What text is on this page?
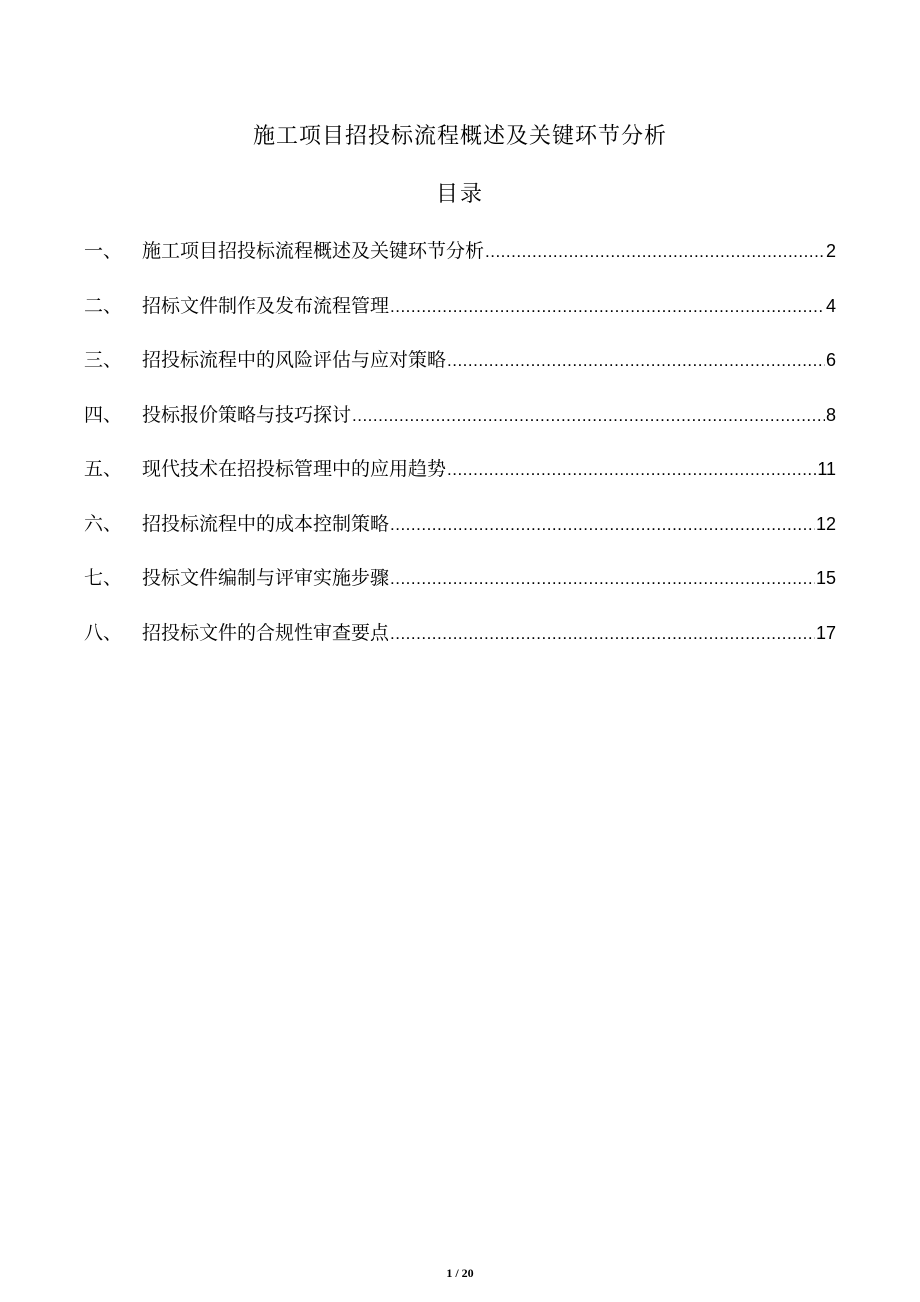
施工项目招投标流程概述及关键环节分析
目录
一、	施工项目招投标流程概述及关键环节分析 .....	2
二、	招标文件制作及发布流程管理 .....	4
三、	招投标流程中的风险评估与应对策略 .....	6
四、	投标报价策略与技巧探讨 .....	8
五、	现代技术在招投标管理中的应用趋势 .....	11
六、	招投标流程中的成本控制策略 .....	12
七、	投标文件编制与评审实施步骤 .....	15
八、	招投标文件的合规性审查要点 .....	17
1 / 20
